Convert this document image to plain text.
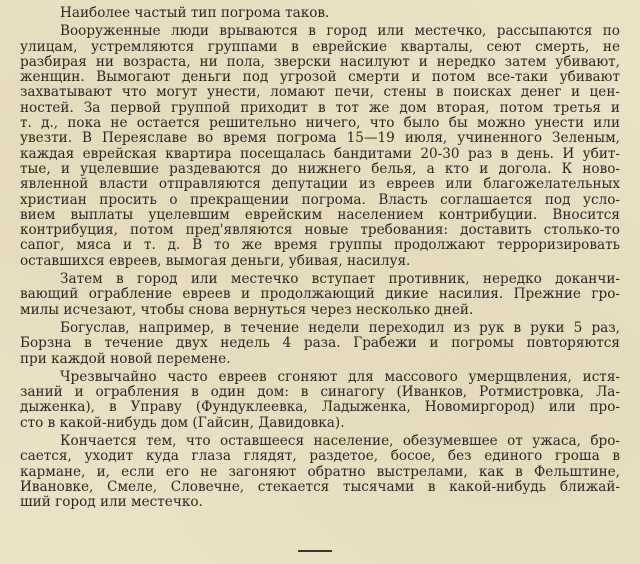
Наиболее частый тип погрома таков.
Вооруженные люди врываются в город или местечко, рассыпаются по
улицам, устремляются группами в еврейские кварталы, сеют смерть, не
разбирая ни возраста, ни пола, зверски насилуют и нередко затем убивают,
женщин. Вымогают деньги под угрозой смерти и потом все-таки убивают
захватывают что могут унести, ломают печи, стены в поисках денег и цен-
ностей. За первой группой приходит в тот же дом вторая, потом третья и
т. д., пока не остается решительно ничего, что было бы можно унести или
увезти. В Переяславе во время погрома 15—19 июля, учиненного Зеленым,
каждая еврейская квартира посещалась бандитами 20-30 раз в день. И убит-
тые, и уцелевшие раздеваются до нижнего белья, а кто и догола. К ново-
явленной власти отправляются депутации из евреев или благожелательных
христиан просить о прекращении погрома. Власть соглашается под усло-
вием выплаты уцелевшим еврейским населением контрибуции. Вносится
контрибуция, потом пред'являются новые требования: доставить столько-то
сапог, мяса и т. д. В то же время группы продолжают терроризировать
оставшихся евреев, вымогая деньги, убивая, насилуя.
Затем в город или местечко вступает противник, нередко доканчи-
вающий ограбление евреев и продолжающий дикие насилия. Прежние гро-
милы исчезают, чтобы снова вернуться через несколько дней.
Богуслав, например, в течение недели переходил из рук в руки 5 раз,
Борзна в течение двух недель 4 раза. Грабежи и погромы повторяются
при каждой новой перемене.
Чрезвычайно часто евреев сгоняют для массового умерщвления, истя-
заний и ограбления в один дом: в синагогу (Иванков, Ротмистровка, Ла-
дыженка), в Управу (Фундуклеевка, Ладыженка, Новомиргород) или про-
сто в какой-нибудь дом (Гайсин, Давидовка).
Кончается тем, что оставшееся население, обезумевшее от ужаса, бро-
сается, уходит куда глаза глядят, раздетое, босое, без единого гроша в
кармане, и, если его не загоняют обратно выстрелами, как в Фельштине,
Ивановке, Смеле, Словечне, стекается тысячами в какой-нибудь ближай-
ший город или местечко.
